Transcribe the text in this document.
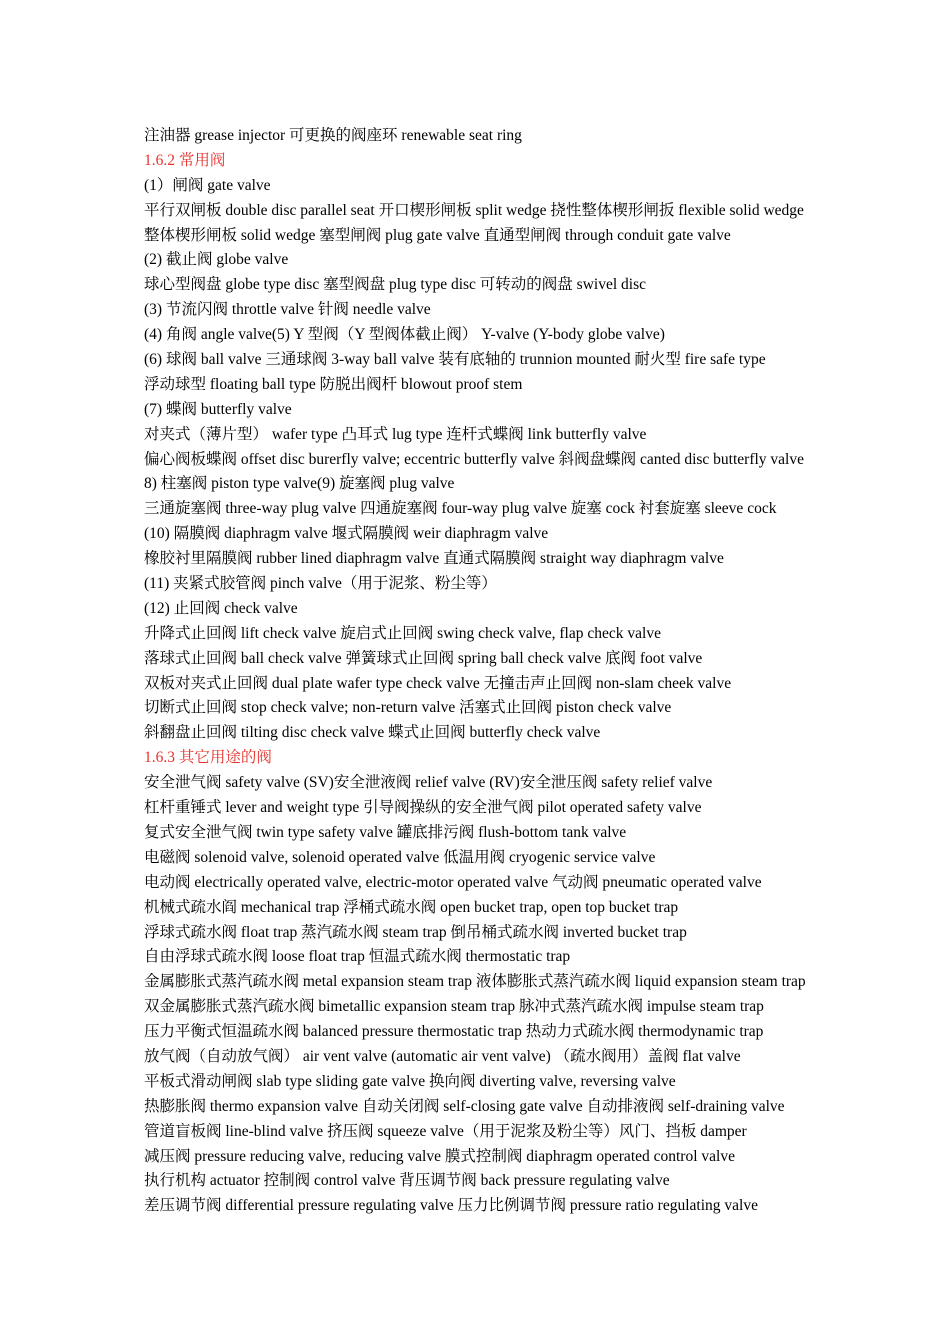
注油器 grease injector 可更换的阀座环 renewable seat ring

1.6.2 常用阀

(1）闸阀 gate valve

平行双闸板 double disc parallel seat 开口楔形闸板 split wedge 挠性整体楔形闸扳 flexible solid wedge

整体楔形闸板 solid wedge 塞型闸阀 plug gate valve 直通型闸阀 through conduit gate valve

(2) 截止阀 globe valve

球心型阀盘 globe type disc 塞型阀盘 plug type disc 可转动的阀盘 swivel disc

(3) 节流闪阀 throttle valve 针阀 needle valve

(4) 角阀 angle valve(5) Y 型阀（Y 型阀体截止阀） Y-valve (Y-body globe valve)

(6) 球阀 ball valve 三通球阀 3-way ball valve 装有底轴的 trunnion mounted 耐火型 fire safe type

浮动球型 floating ball type 防脱出阀杆 blowout proof stem

(7) 蝶阀 butterfly valve

对夹式（薄片型） wafer type 凸耳式 lug type 连杆式蝶阀 link butterfly valve

偏心阀板蝶阀 offset disc burerfly valve; eccentric butterfly valve 斜阀盘蝶阀 canted disc butterfly valve

8) 柱塞阀 piston type valve(9) 旋塞阀 plug valve

三通旋塞阀 three-way plug valve 四通旋塞阀 four-way plug valve 旋塞 cock 衬套旋塞 sleeve cock

(10) 隔膜阀 diaphragm valve 堰式隔膜阀 weir diaphragm valve

橡胶衬里隔膜阀 rubber lined diaphragm valve 直通式隔膜阀 straight way diaphragm valve

(11) 夹紧式胶管阀 pinch valve（用于泥浆、粉尘等）

(12) 止回阀 check valve

升降式止回阀 lift check valve 旋启式止回阀 swing check valve, flap check valve

落球式止回阀 ball check valve 弹簧球式止回阀 spring ball check valve 底阀 foot valve

双板对夹式止回阀 dual plate wafer type check valve 无撞击声止回阀 non-slam cheek valve

切断式止回阀 stop check valve; non-return valve 活塞式止回阀 piston check valve

斜翻盘止回阀 tilting disc check valve 蝶式止回阀 butterfly check valve

1.6.3 其它用途的阀

安全泄气阀 safety valve (SV)安全泄液阀 relief valve (RV)安全泄压阀 safety relief valve

杠杆重锤式 lever and weight type 引导阀操纵的安全泄气阀 pilot operated safety valve

复式安全泄气阀 twin type safety valve 罐底排污阀 flush-bottom tank valve

电磁阀 solenoid valve, solenoid operated valve 低温用阀 cryogenic service valve

电动阀 electrically operated valve, electric-motor operated valve 气动阀 pneumatic operated valve

机械式疏水阎 mechanical trap 浮桶式疏水阀 open bucket trap, open top bucket trap

浮球式疏水阀 float trap 蒸汽疏水阀 steam trap 倒吊桶式疏水阀 inverted bucket trap

自由浮球式疏水阀 loose float trap 恒温式疏水阀 thermostatic trap

金属膨胀式蒸汽疏水阀 metal expansion steam trap 液体膨胀式蒸汽疏水阀 liquid expansion steam trap

双金属膨胀式蒸汽疏水阀 bimetallic expansion steam trap 脉冲式蒸汽疏水阀 impulse steam trap

压力平衡式恒温疏水阀 balanced pressure thermostatic trap 热动力式疏水阀 thermodynamic trap

放气阀（自动放气阀） air vent valve (automatic air vent valve) （疏水阀用）盖阀 flat valve

平板式滑动闸阀 slab type sliding gate valve 换向阀 diverting valve, reversing valve

热膨胀阀 thermo expansion valve 自动关闭阀 self-closing gate valve 自动排液阀 self-draining valve

管道盲板阀 line-blind valve 挤压阀 squeeze valve（用于泥浆及粉尘等）风门、挡板 damper

减压阀 pressure reducing valve, reducing valve 膜式控制阀 diaphragm operated control valve

执行机构 actuator 控制阀 control valve 背压调节阀 back pressure regulating valve

差压调节阀 differential pressure regulating valve 压力比例调节阀 pressure ratio regulating valve
